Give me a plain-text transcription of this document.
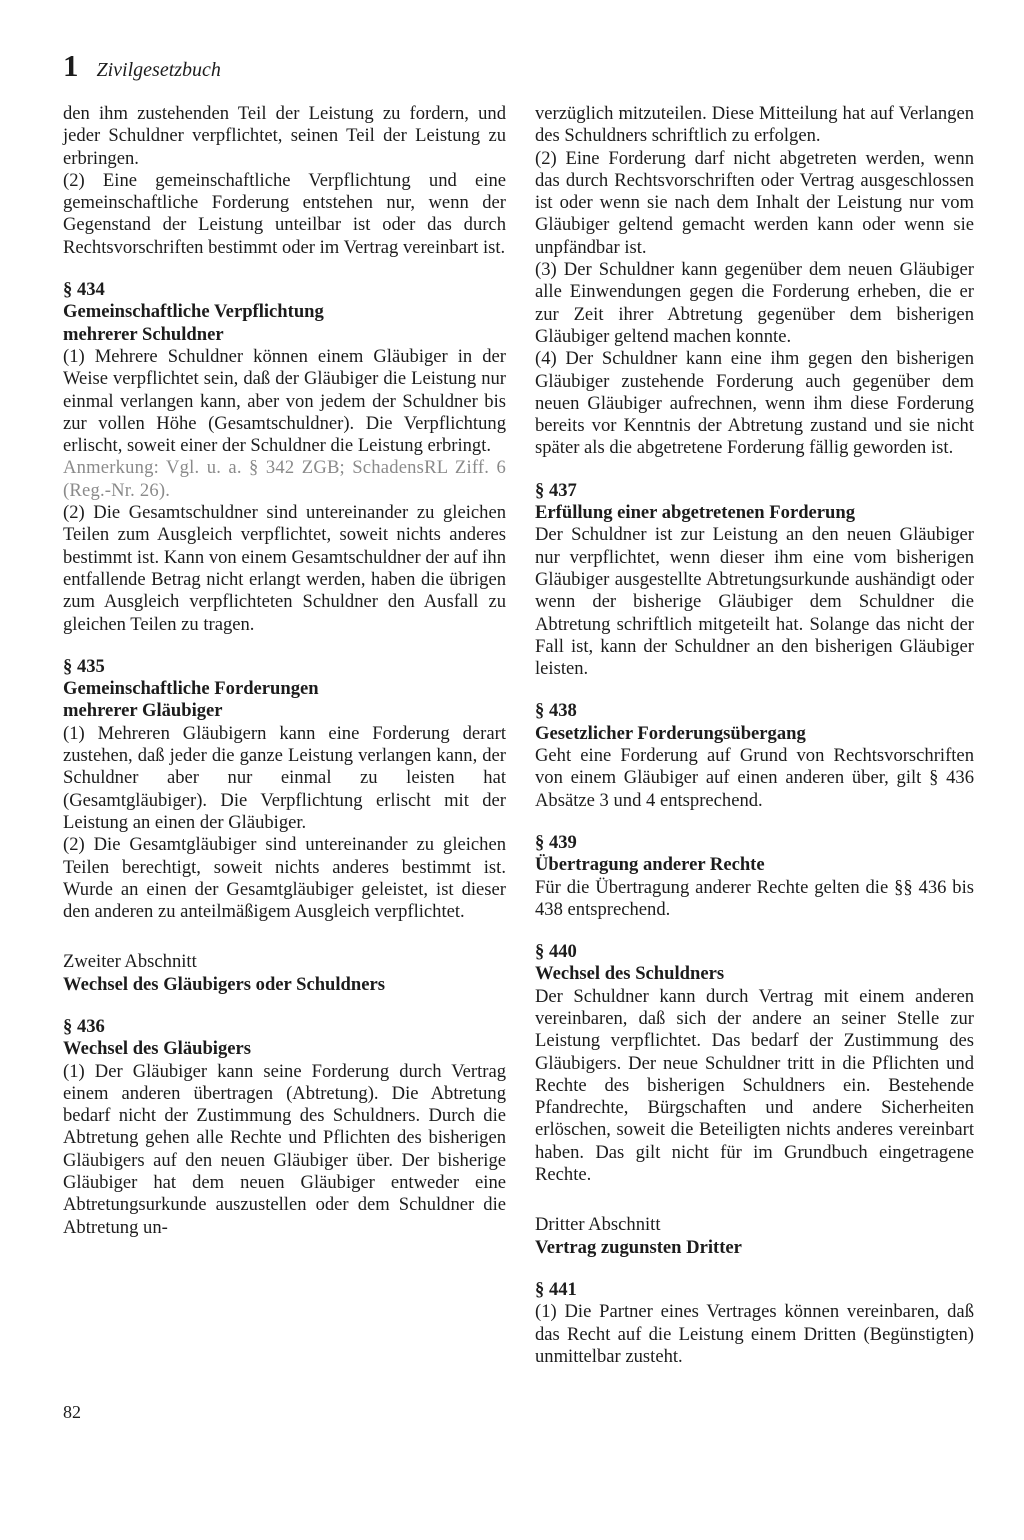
1 Zivilgesetzbuch

den ihm zustehenden Teil der Leistung zu fordern, und jeder Schuldner verpflichtet, seinen Teil der Leistung zu erbringen.

(2) Eine gemeinschaftliche Verpflichtung und eine gemeinschaftliche Forderung entstehen nur, wenn der Gegenstand der Leistung unteilbar ist oder das durch Rechtsvorschriften bestimmt oder im Vertrag vereinbart ist.

§ 434
Gemeinschaftliche Verpflichtung
mehrerer Schuldner

(1) Mehrere Schuldner können einem Gläubiger in der Weise verpflichtet sein, daß der Gläubiger die Leistung nur einmal verlangen kann, aber von jedem der Schuldner bis zur vollen Höhe (Gesamtschuldner). Die Verpflichtung erlischt, soweit einer der Schuldner die Leistung erbringt.

Anmerkung: Vgl. u. a. § 342 ZGB; SchadensRL Ziff. 6 (Reg.-Nr. 26).

(2) Die Gesamtschuldner sind untereinander zu gleichen Teilen zum Ausgleich verpflichtet, soweit nichts anderes bestimmt ist. Kann von einem Gesamtschuldner der auf ihn entfallende Betrag nicht erlangt werden, haben die übrigen zum Ausgleich verpflichteten Schuldner den Ausfall zu gleichen Teilen zu tragen.

§ 435
Gemeinschaftliche Forderungen
mehrerer Gläubiger

(1) Mehreren Gläubigern kann eine Forderung derart zustehen, daß jeder die ganze Leistung verlangen kann, der Schuldner aber nur einmal zu leisten hat (Gesamtgläubiger). Die Verpflichtung erlischt mit der Leistung an einen der Gläubiger.

(2) Die Gesamtgläubiger sind untereinander zu gleichen Teilen berechtigt, soweit nichts anderes bestimmt ist. Wurde an einen der Gesamtgläubiger geleistet, ist dieser den anderen zu anteilmäßigem Ausgleich verpflichtet.

Zweiter Abschnitt
Wechsel des Gläubigers oder Schuldners
§ 436
Wechsel des Gläubigers

(1) Der Gläubiger kann seine Forderung durch Vertrag einem anderen übertragen (Abtretung). Die Abtretung bedarf nicht der Zustimmung des Schuldners. Durch die Abtretung gehen alle Rechte und Pflichten des bisherigen Gläubigers auf den neuen Gläubiger über. Der bisherige Gläubiger hat dem neuen Gläubiger entweder eine Abtretungsurkunde auszustellen oder dem Schuldner die Abtretung un-

verzüglich mitzuteilen. Diese Mitteilung hat auf Verlangen des Schuldners schriftlich zu erfolgen.

(2) Eine Forderung darf nicht abgetreten werden, wenn das durch Rechtsvorschriften oder Vertrag ausgeschlossen ist oder wenn sie nach dem Inhalt der Leistung nur vom Gläubiger geltend gemacht werden kann oder wenn sie unpfändbar ist.

(3) Der Schuldner kann gegenüber dem neuen Gläubiger alle Einwendungen gegen die Forderung erheben, die er zur Zeit ihrer Abtretung gegenüber dem bisherigen Gläubiger geltend machen konnte.

(4) Der Schuldner kann eine ihm gegen den bisherigen Gläubiger zustehende Forderung auch gegenüber dem neuen Gläubiger aufrechnen, wenn ihm diese Forderung bereits vor Kenntnis der Abtretung zustand und sie nicht später als die abgetretene Forderung fällig geworden ist.

§ 437
Erfüllung einer abgetretenen Forderung

Der Schuldner ist zur Leistung an den neuen Gläubiger nur verpflichtet, wenn dieser ihm eine vom bisherigen Gläubiger ausgestellte Abtretungsurkunde aushändigt oder wenn der bisherige Gläubiger dem Schuldner die Abtretung schriftlich mitgeteilt hat. Solange das nicht der Fall ist, kann der Schuldner an den bisherigen Gläubiger leisten.

§ 438
Gesetzlicher Forderungsübergang

Geht eine Forderung auf Grund von Rechtsvorschriften von einem Gläubiger auf einen anderen über, gilt § 436 Absätze 3 und 4 entsprechend.

§ 439
Übertragung anderer Rechte

Für die Übertragung anderer Rechte gelten die §§ 436 bis 438 entsprechend.

§ 440
Wechsel des Schuldners

Der Schuldner kann durch Vertrag mit einem anderen vereinbaren, daß sich der andere an seiner Stelle zur Leistung verpflichtet. Das bedarf der Zustimmung des Gläubigers. Der neue Schuldner tritt in die Pflichten und Rechte des bisherigen Schuldners ein. Bestehende Pfandrechte, Bürgschaften und andere Sicherheiten erlöschen, soweit die Beteiligten nichts anderes vereinbart haben. Das gilt nicht für im Grundbuch eingetragene Rechte.

Dritter Abschnitt
Vertrag zugunsten Dritter
§ 441

(1) Die Partner eines Vertrages können vereinbaren, daß das Recht auf die Leistung einem Dritten (Begünstigten) unmittelbar zusteht.

82
